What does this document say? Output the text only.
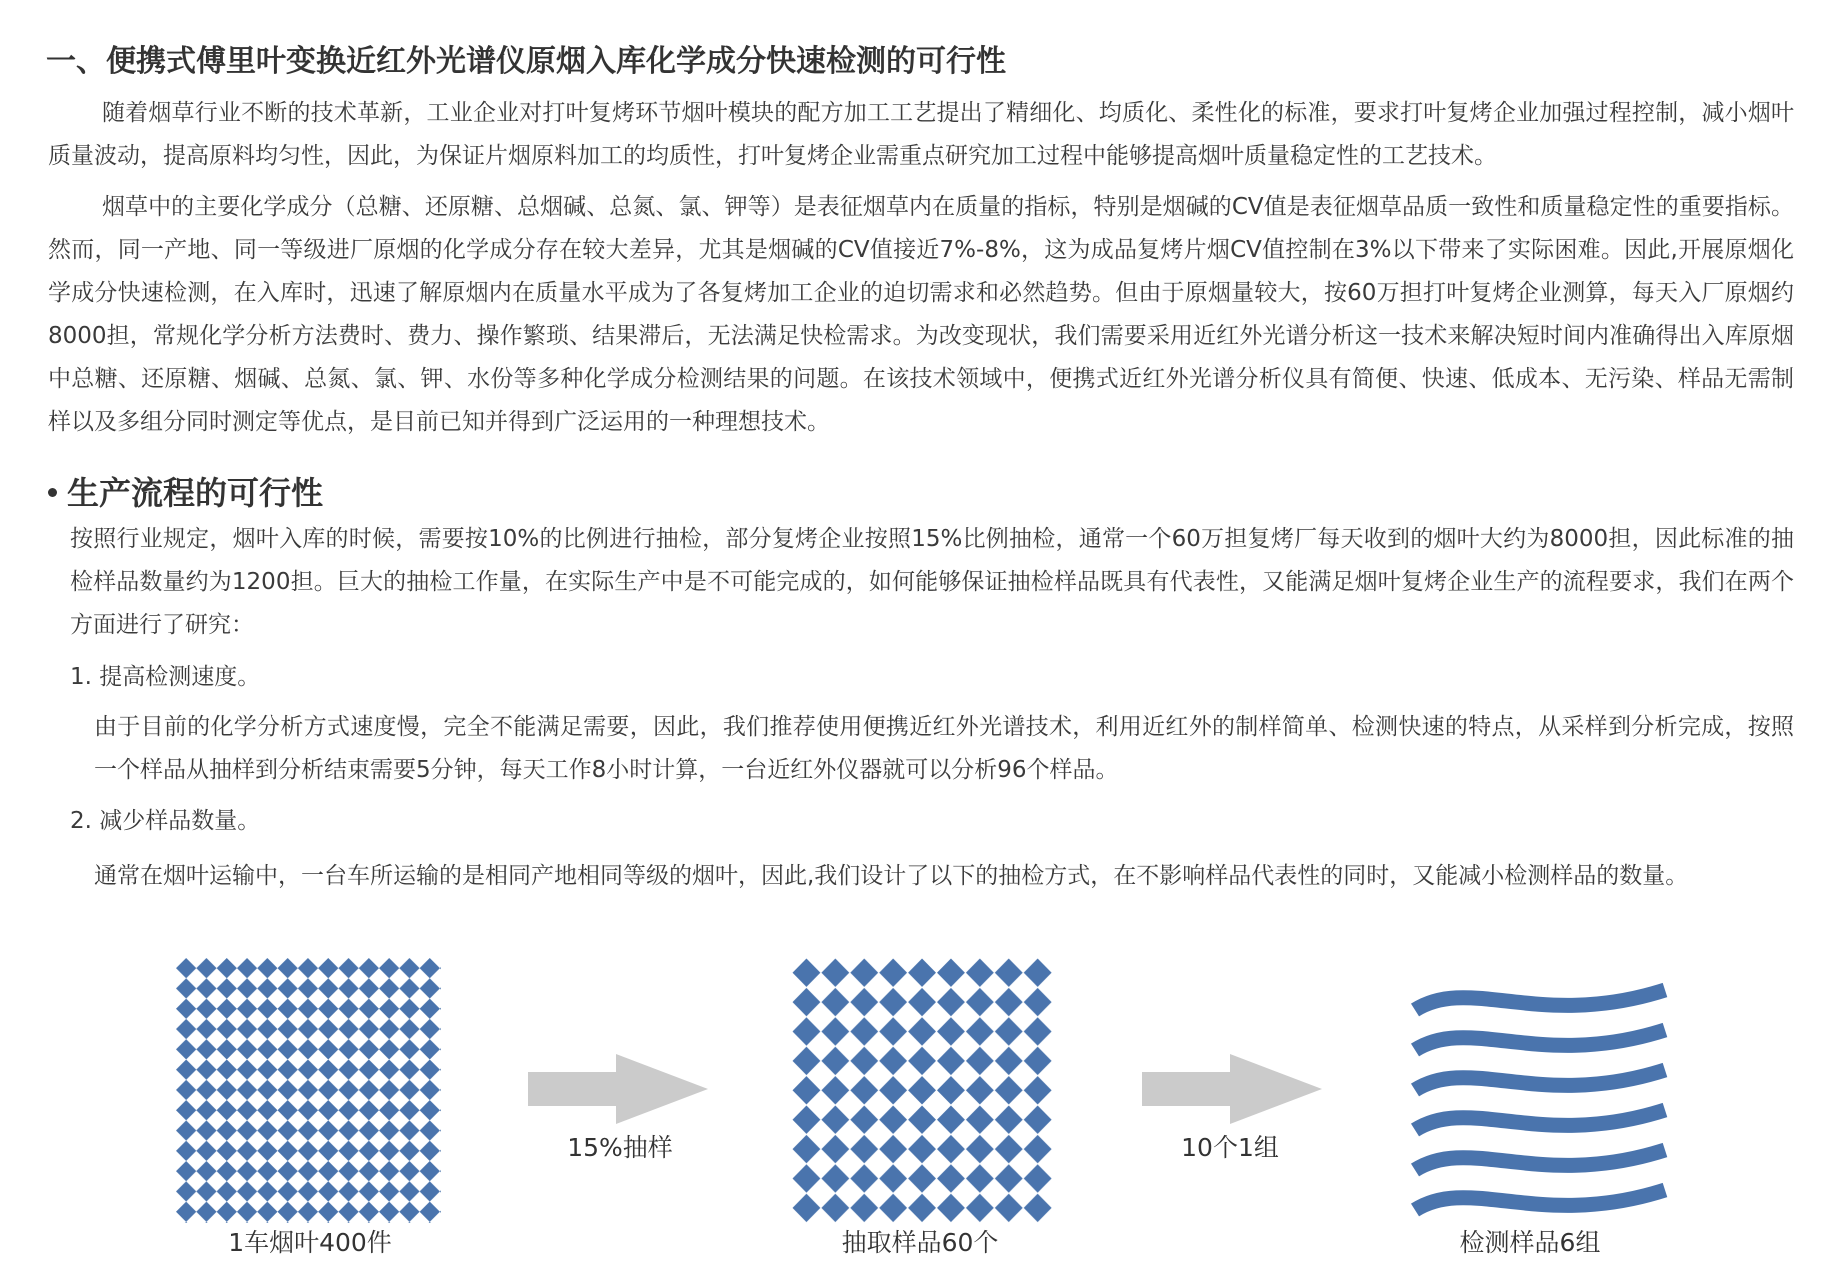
一、便携式傅里叶变换近红外光谱仪原烟入库化学成分快速检测的可行性

随着烟草行业不断的技术革新，工业企业对打叶复烤环节烟叶模块的配方加工工艺提出了精细化、均质化、柔性化的标准，要求打叶复烤企业加强过程控制，减小烟叶质量波动，提高原料均匀性，因此，为保证片烟原料加工的均质性，打叶复烤企业需重点研究加工过程中能够提高烟叶质量稳定性的工艺技术。

烟草中的主要化学成分（总糖、还原糖、总烟碱、总氮、氯、钾等）是表征烟草内在质量的指标，特别是烟碱的CV值是表征烟草品质一致性和质量稳定性的重要指标。然而，同一产地、同一等级进厂原烟的化学成分存在较大差异，尤其是烟碱的CV值接近7%-8%，这为成品复烤片烟CV值控制在3%以下带来了实际困难。因此,开展原烟化学成分快速检测，在入库时，迅速了解原烟内在质量水平成为了各复烤加工企业的迫切需求和必然趋势。但由于原烟量较大，按60万担打叶复烤企业测算，每天入厂原烟约8000担，常规化学分析方法费时、费力、操作繁琐、结果滞后，无法满足快检需求。为改变现状，我们需要采用近红外光谱分析这一技术来解决短时间内准确得出入库原烟中总糖、还原糖、烟碱、总氮、氯、钾、水份等多种化学成分检测结果的问题。在该技术领域中，便携式近红外光谱分析仪具有简便、快速、低成本、无污染、样品无需制样以及多组分同时测定等优点，是目前已知并得到广泛运用的一种理想技术。

生产流程的可行性

按照行业规定，烟叶入库的时候，需要按10%的比例进行抽检，部分复烤企业按照15%比例抽检，通常一个60万担复烤厂每天收到的烟叶大约为8000担，因此标准的抽检样品数量约为1200担。巨大的抽检工作量，在实际生产中是不可能完成的，如何能够保证抽检样品既具有代表性，又能满足烟叶复烤企业生产的流程要求，我们在两个方面进行了研究：

1. 提高检测速度。

由于目前的化学分析方式速度慢，完全不能满足需要，因此，我们推荐使用便携近红外光谱技术，利用近红外的制样简单、检测快速的特点，从采样到分析完成，按照一个样品从抽样到分析结束需要5分钟，每天工作8小时计算，一台近红外仪器就可以分析96个样品。

2. 减少样品数量。

通常在烟叶运输中，一台车所运输的是相同产地相同等级的烟叶，因此,我们设计了以下的抽检方式，在不影响样品代表性的同时，又能减小检测样品的数量。

15%抽样	10个1组

1车烟叶400件	抽取样品60个	检测样品6组
